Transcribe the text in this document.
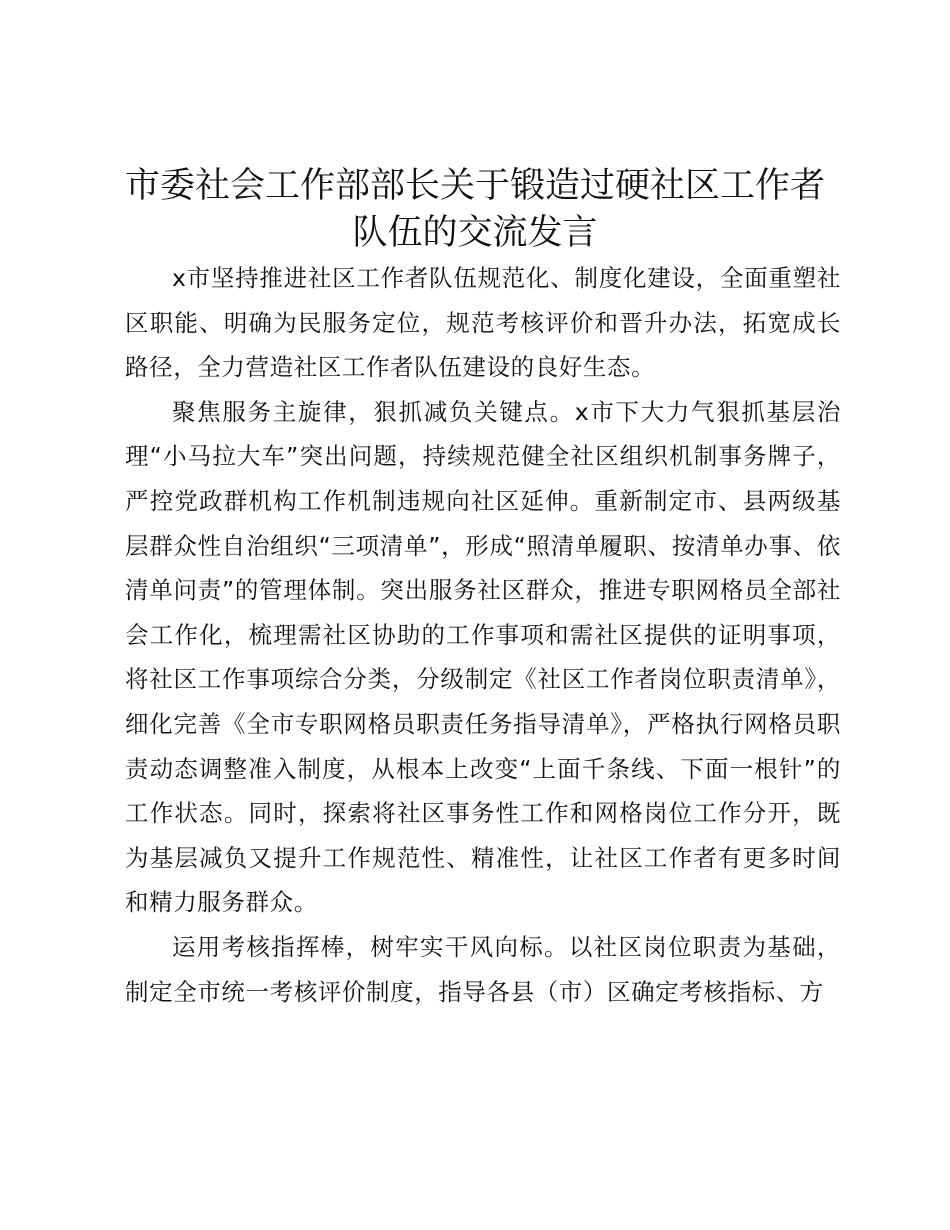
市委社会工作部部长关于锻造过硬社区工作者
队伍的交流发言

x市坚持推进社区工作者队伍规范化、制度化建设，全面重塑社区职能、明确为民服务定位，规范考核评价和晋升办法，拓宽成长路径，全力营造社区工作者队伍建设的良好生态。

聚焦服务主旋律，狠抓减负关键点。x市下大力气狠抓基层治理“小马拉大车”突出问题，持续规范健全社区组织机制事务牌子，严控党政群机构工作机制违规向社区延伸。重新制定市、县两级基层群众性自治组织“三项清单”，形成“照清单履职、按清单办事、依清单问责”的管理体制。突出服务社区群众，推进专职网格员全部社会工作化，梳理需社区协助的工作事项和需社区提供的证明事项，将社区工作事项综合分类，分级制定《社区工作者岗位职责清单》，细化完善《全市专职网格员职责任务指导清单》，严格执行网格员职责动态调整准入制度，从根本上改变“上面千条线、下面一根针”的工作状态。同时，探索将社区事务性工作和网格岗位工作分开，既为基层减负又提升工作规范性、精准性，让社区工作者有更多时间和精力服务群众。

运用考核指挥棒，树牢实干风向标。以社区岗位职责为基础，制定全市统一考核评价制度，指导各县（市）区确定考核指标、方
